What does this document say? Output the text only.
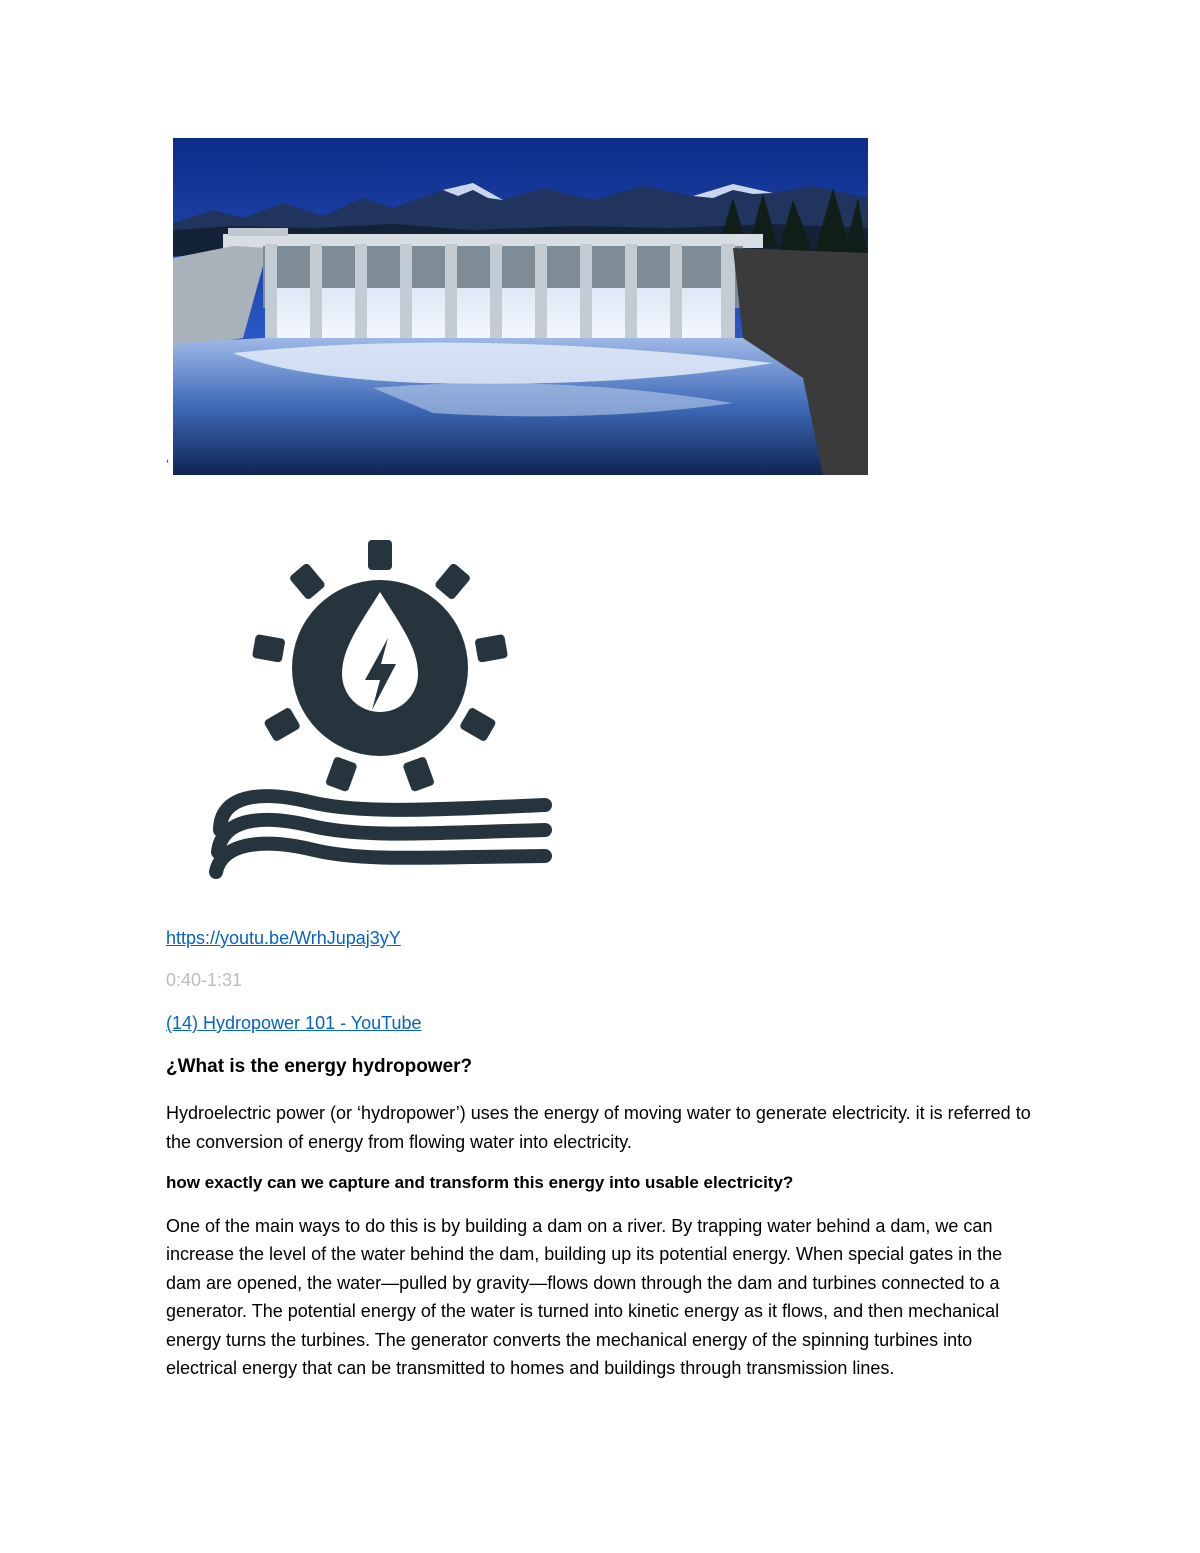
‘
https://youtu.be/WrhJupaj3yY
0:40-1:31
(14) Hydropower 101 - YouTube
¿What is the energy hydropower?

Hydroelectric power (or ‘hydropower’) uses the energy of moving water to generate electricity. it is referred to the conversion of energy from flowing water into electricity.

how exactly can we capture and transform this energy into usable electricity?

One of the main ways to do this is by building a dam on a river. By trapping water behind a dam, we can increase the level of the water behind the dam, building up its potential energy. When special gates in the dam are opened, the water—pulled by gravity—flows down through the dam and turbines connected to a generator. The potential energy of the water is turned into kinetic energy as it flows, and then mechanical energy turns the turbines. The generator converts the mechanical energy of the spinning turbines into electrical energy that can be transmitted to homes and buildings through transmission lines.
